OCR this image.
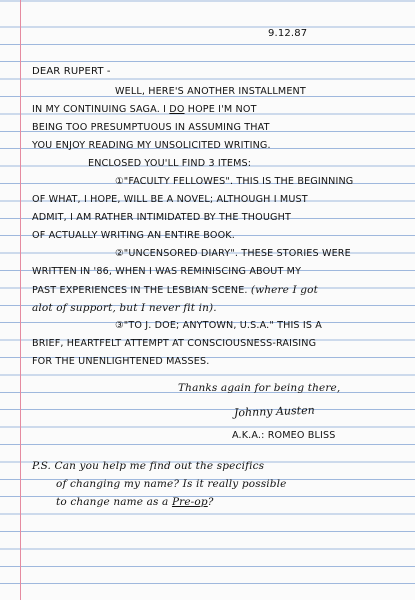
9.12.87
DEAR RUPERT -
WELL, HERE'S ANOTHER INSTALLMENT
IN MY CONTINUING SAGA. I DO HOPE I'M NOT
BEING TOO PRESUMPTUOUS IN ASSUMING THAT
YOU ENJOY READING MY UNSOLICITED WRITING.
ENCLOSED YOU'LL FIND 3 ITEMS:
①"FACULTY FELLOWES". THIS IS THE BEGINNING
OF WHAT, I HOPE, WILL BE A NOVEL; ALTHOUGH I MUST
ADMIT, I AM RATHER INTIMIDATED BY THE THOUGHT
OF ACTUALLY WRITING AN ENTIRE BOOK.
②"UNCENSORED DIARY". THESE STORIES WERE
WRITTEN IN '86, WHEN I WAS REMINISCING ABOUT MY
PAST EXPERIENCES IN THE LESBIAN SCENE. (where I got
alot of support, but I never fit in).
③"TO J. DOE; ANYTOWN, U.S.A." THIS IS A
BRIEF, HEARTFELT ATTEMPT AT CONSCIOUSNESS-RAISING
FOR THE UNENLIGHTENED MASSES.
Thanks again for being there,
Johnny Austen
A.K.A.: ROMEO BLISS
P.S. Can you help me find out the specifics
of changing my name? Is it really possible
to change name as a Pre-op?
